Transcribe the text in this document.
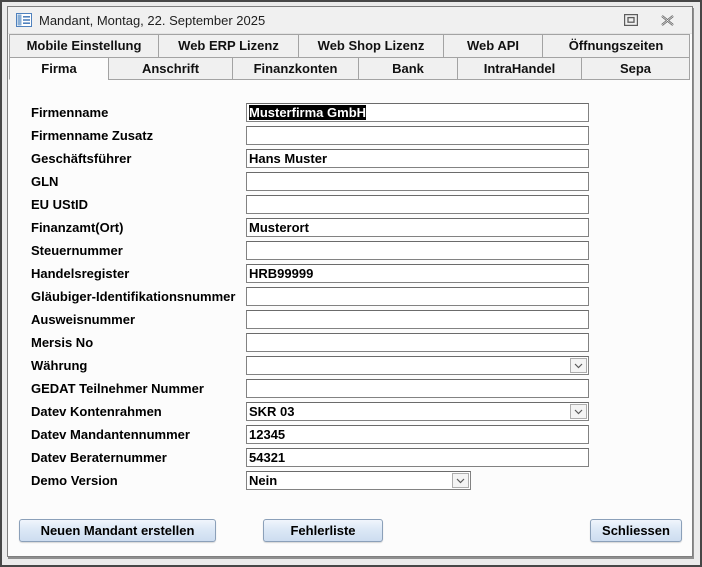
Mandant, Montag, 22. September 2025
Mobile Einstellung	Web ERP Lizenz	Web Shop Lizenz	Web API	Öffnungszeiten
Firma	Anschrift	Finanzkonten	Bank	IntraHandel	Sepa
Firmenname	Musterfirma GmbH
Firmenname Zusatz
Geschäftsführer	Hans Muster
GLN
EU UStID
Finanzamt(Ort)	Musterort
Steuernummer
Handelsregister	HRB99999
Gläubiger-Identifikationsnummer
Ausweisnummer
Mersis No
Währung
GEDAT Teilnehmer Nummer
Datev Kontenrahmen	SKR 03
Datev Mandantennummer	12345
Datev Beraternummer	54321
Demo Version	Nein
Neuen Mandant erstellen	Fehlerliste	Schliessen
